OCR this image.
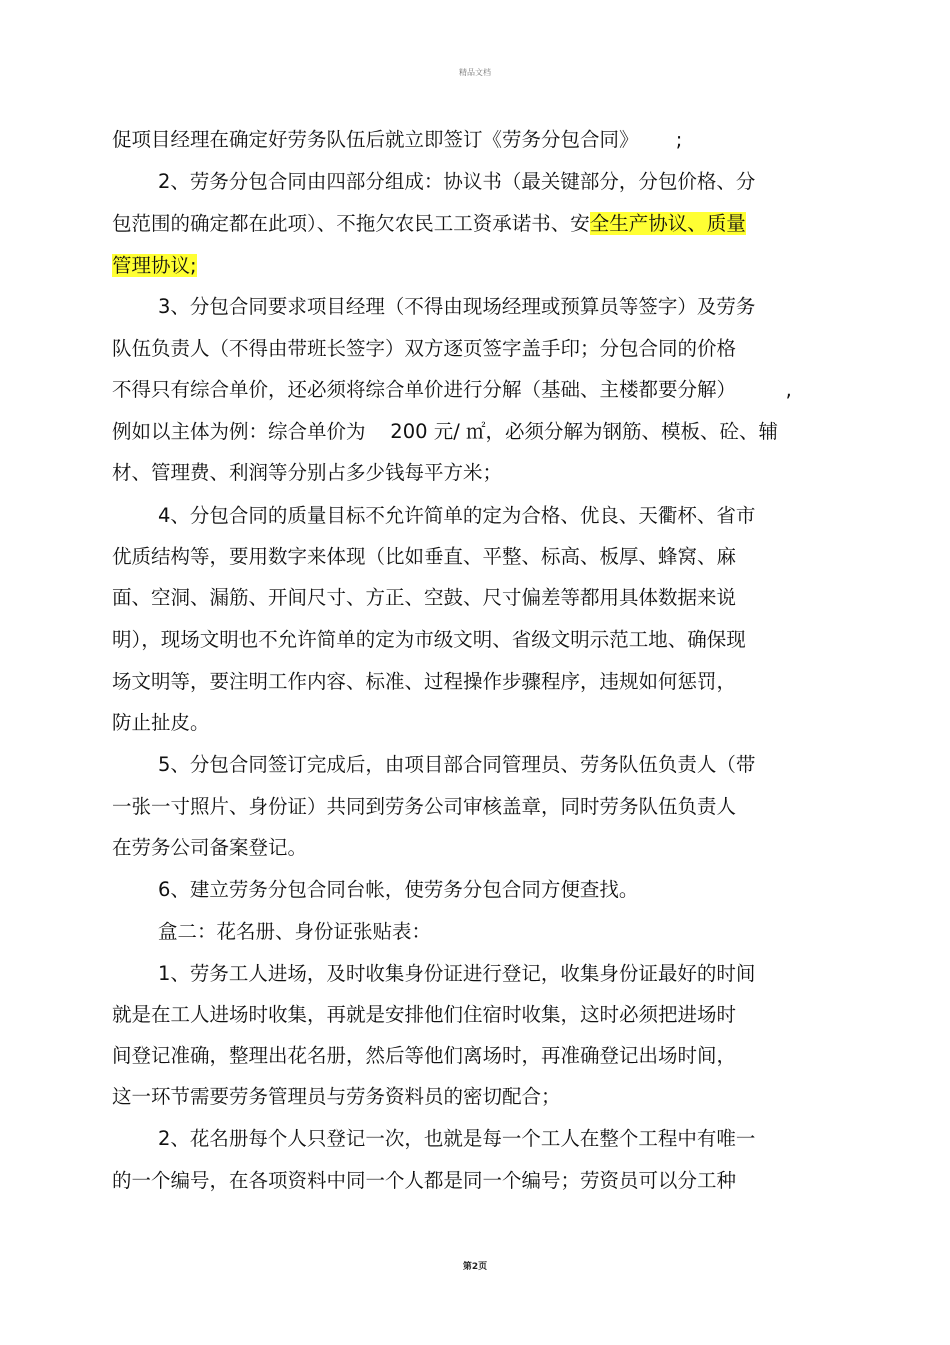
精品文档
促项目经理在确定好劳务队伍后就立即签订《劳务分包合同》      ;
2、劳务分包合同由四部分组成：协议书（最关键部分，分包价格、分
包范围的确定都在此项）、不拖欠农民工工资承诺书、安全生产协议、质量
管理协议;
3、分包合同要求项目经理（不得由现场经理或预算员等签字）及劳务
队伍负责人（不得由带班长签字）双方逐页签字盖手印；分包合同的价格
不得只有综合单价，还必须将综合单价进行分解（基础、主楼都要分解）        ,
例如以主体为例：综合单价为    200 元/ ㎡，必须分解为钢筋、模板、砼、辅
材、管理费、利润等分别占多少钱每平方米；
4、分包合同的质量目标不允许简单的定为合格、优良、天衢杯、省市
优质结构等，要用数字来体现（比如垂直、平整、标高、板厚、蜂窝、麻
面、空洞、漏筋、开间尺寸、方正、空鼓、尺寸偏差等都用具体数据来说
明），现场文明也不允许简单的定为市级文明、省级文明示范工地、确保现
场文明等，要注明工作内容、标准、过程操作步骤程序，违规如何惩罚，
防止扯皮。
5、分包合同签订完成后，由项目部合同管理员、劳务队伍负责人（带
一张一寸照片、身份证）共同到劳务公司审核盖章，同时劳务队伍负责人
在劳务公司备案登记。
6、建立劳务分包合同台帐，使劳务分包合同方便查找。
盒二：花名册、身份证张贴表：
1、劳务工人进场，及时收集身份证进行登记，收集身份证最好的时间
就是在工人进场时收集，再就是安排他们住宿时收集，这时必须把进场时
间登记准确，整理出花名册，然后等他们离场时，再准确登记出场时间，
这一环节需要劳务管理员与劳务资料员的密切配合；
2、花名册每个人只登记一次，也就是每一个工人在整个工程中有唯一
的一个编号，在各项资料中同一个人都是同一个编号；劳资员可以分工种
第2页
